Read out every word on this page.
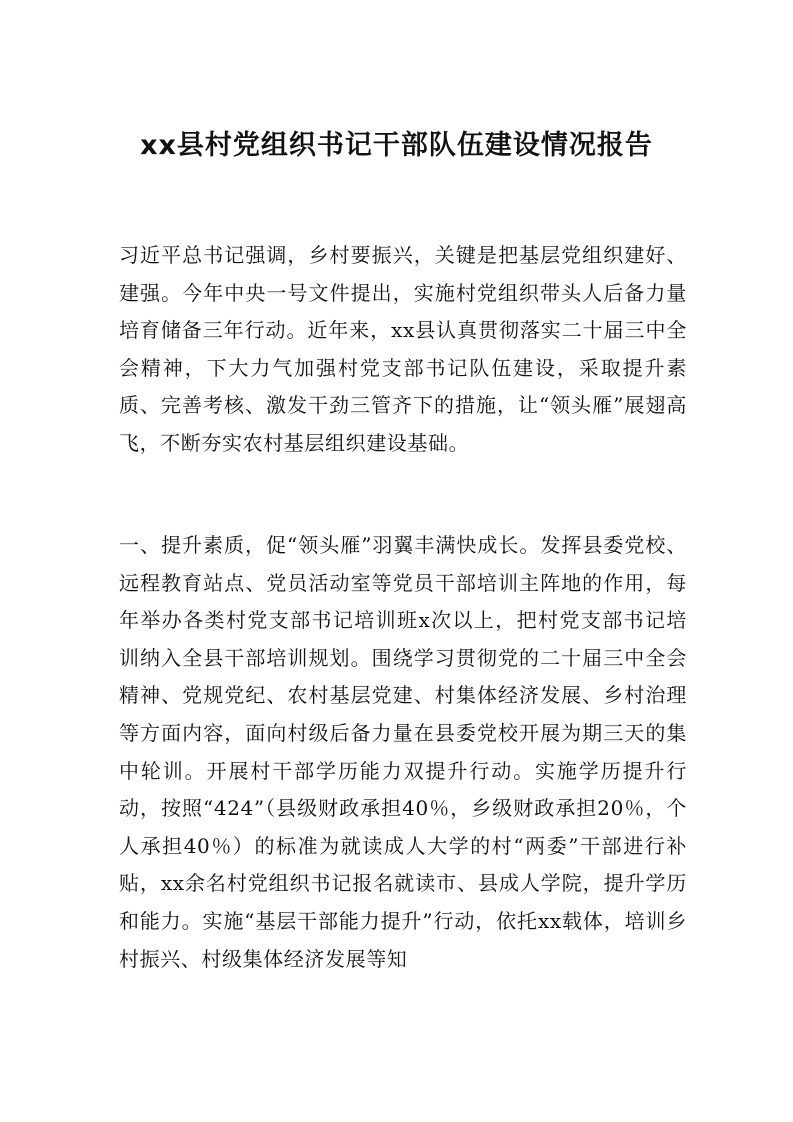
xx县村党组织书记干部队伍建设情况报告

习近平总书记强调，乡村要振兴，关键是把基层党组织建好、建强。今年中央一号文件提出，实施村党组织带头人后备力量培育储备三年行动。近年来，xx县认真贯彻落实二十届三中全会精神，下大力气加强村党支部书记队伍建设，采取提升素质、完善考核、激发干劲三管齐下的措施，让“领头雁”展翅高飞，不断夯实农村基层组织建设基础。

一、提升素质，促“领头雁”羽翼丰满快成长。发挥县委党校、远程教育站点、党员活动室等党员干部培训主阵地的作用，每年举办各类村党支部书记培训班x次以上，把村党支部书记培训纳入全县干部培训规划。围绕学习贯彻党的二十届三中全会精神、党规党纪、农村基层党建、村集体经济发展、乡村治理等方面内容，面向村级后备力量在县委党校开展为期三天的集中轮训。开展村干部学历能力双提升行动。实施学历提升行动，按照“424”（县级财政承担40％，乡级财政承担20％，个人承担40％）的标准为就读成人大学的村“两委”干部进行补贴，xx余名村党组织书记报名就读市、县成人学院，提升学历和能力。实施“基层干部能力提升”行动，依托xx载体，培训乡村振兴、村级集体经济发展等知
